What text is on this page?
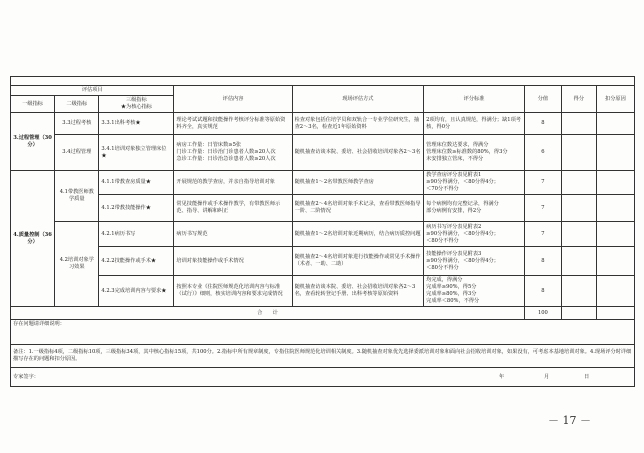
评估项目			评估内容	现场评估方式	评分标准	分值	得分	扣分原因
一级指标	二级指标	三级指标
★为核心指标						
3.过程管理（30分）	3.3过程考核	3.3.1出科考核★	理论考试试题和技能操作考核评分标准等原始资料齐全，真实规范	检查对象包括住培学员和双轨合一专业学位研究生，抽查2～3名，检查近1年原始资料	2项均有，且认真规范，得满分；缺1项考核，得0分	8		
	3.4过程管理	3.4.1培训对象独立管理床位★	病房工作量：日管床数≥5张
门诊工作量：日诊治门诊患者人数≥20人次
急诊工作量：日诊治急诊患者人数≥20人次	随机抽查访谈本院、委培、社会招收培训对象各2～3名	管理床位数达要求，得满分
管理床位数≥标准数的80%，得3分
未安排独立管床，不得分	6		
4.质量控制（36分）	4.1带教医师教学质量	4.1.1带教查房质量★	开展规范的教学查房，并亲自指导培训对象	随机抽查1～2名带教医师教学查房	教学查房评分表见附表1
≥90分得满分，＜80分得4分；
＜70分不得分	7		
		4.1.2带教技能操作★	常见技能操作或手术操作教学，有带教医师示范、指导、讲解和纠正	随机抽查2～4名培训对象手术记录，查看带教医师指导一阶、二阶情况	每个病例均有完整记录，得满分
部分病例有安排，得2分	7		
	4.2培训对象学习效果	4.2.1病历书写	病历书写规范	随机抽查1～2名培训对象近期病历，结合病历质控问题	病历书写评分表见附表2
≥90分得满分，＜80分得4分；
＜80分不得分	7		
		4.2.2技能操作或手术★	培训对象技能操作或手术情况	随机抽查2～4名培训对象进行技能操作或常见手术操作（术者、一助、二助）	技能操作评分表见附表3
≥90分得满分，＜80分得4分；
＜80分不得分	8		
		4.2.3完成培训内容与要求★	按照本专业《住院医师规范化培训内容与标准（试行）》细则，核实培训内容和要求完成情况	随机抽查访谈本院、委培、社会招收培训对象各2～3名，查看轮转登记手册、出科考核等原始资料	均完成，得满分
完成率≥90%，得5分
完成率≥80%，得3分
完成率＜80%，不得分	8		
合　　计						100		
存在问题请详细说明：								
备注：1.一级指标4项，二级指标10项，三级指标34项，其中核心指标15项，共100分。2.指标中所有规章制度，专指住院医师规范化培训相关制度。3.随机抽查对象优先选择委派培训对象和面向社会招收培训对象，如果没有，可考虑本基地培训对象。4.现场评分时详细描写存在的问题和扣分原因。								
专家签字： 年 月 日								
－ 17 －
